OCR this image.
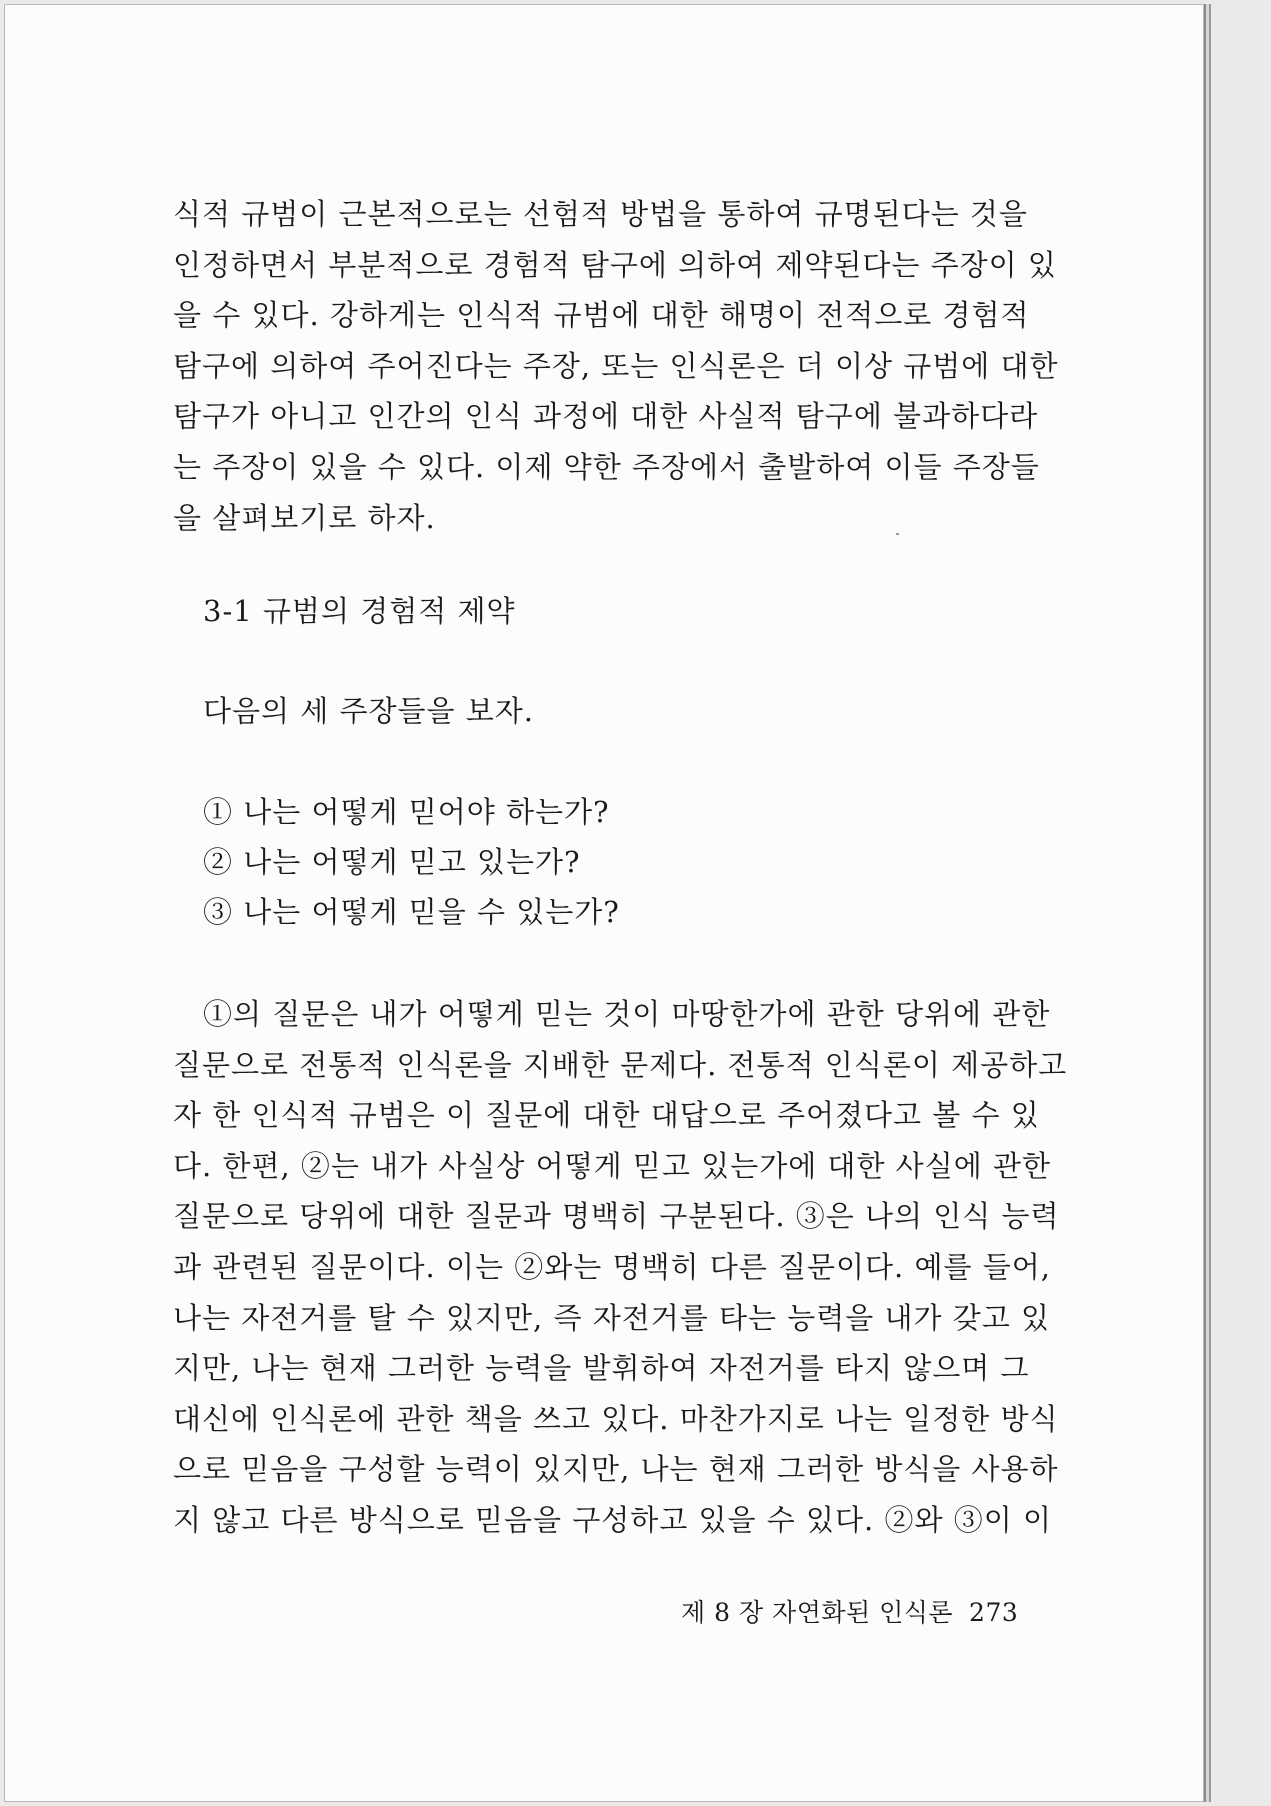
식적 규범이 근본적으로는 선험적 방법을 통하여 규명된다는 것을
인정하면서 부분적으로 경험적 탐구에 의하여 제약된다는 주장이 있
을 수 있다. 강하게는 인식적 규범에 대한 해명이 전적으로 경험적
탐구에 의하여 주어진다는 주장, 또는 인식론은 더 이상 규범에 대한
탐구가 아니고 인간의 인식 과정에 대한 사실적 탐구에 불과하다라
는 주장이 있을 수 있다. 이제 약한 주장에서 출발하여 이들 주장들
을 살펴보기로 하자.
3-1 규범의 경험적 제약
다음의 세 주장들을 보자.
① 나는 어떻게 믿어야 하는가?
② 나는 어떻게 믿고 있는가?
③ 나는 어떻게 믿을 수 있는가?
①의 질문은 내가 어떻게 믿는 것이 마땅한가에 관한 당위에 관한
질문으로 전통적 인식론을 지배한 문제다. 전통적 인식론이 제공하고
자 한 인식적 규범은 이 질문에 대한 대답으로 주어졌다고 볼 수 있
다. 한편, ②는 내가 사실상 어떻게 믿고 있는가에 대한 사실에 관한
질문으로 당위에 대한 질문과 명백히 구분된다. ③은 나의 인식 능력
과 관련된 질문이다. 이는 ②와는 명백히 다른 질문이다. 예를 들어,
나는 자전거를 탈 수 있지만, 즉 자전거를 타는 능력을 내가 갖고 있
지만, 나는 현재 그러한 능력을 발휘하여 자전거를 타지 않으며 그
대신에 인식론에 관한 책을 쓰고 있다. 마찬가지로 나는 일정한 방식
으로 믿음을 구성할 능력이 있지만, 나는 현재 그러한 방식을 사용하
지 않고 다른 방식으로 믿음을 구성하고 있을 수 있다. ②와 ③이 이
제 8 장 자연화된 인식론 273
